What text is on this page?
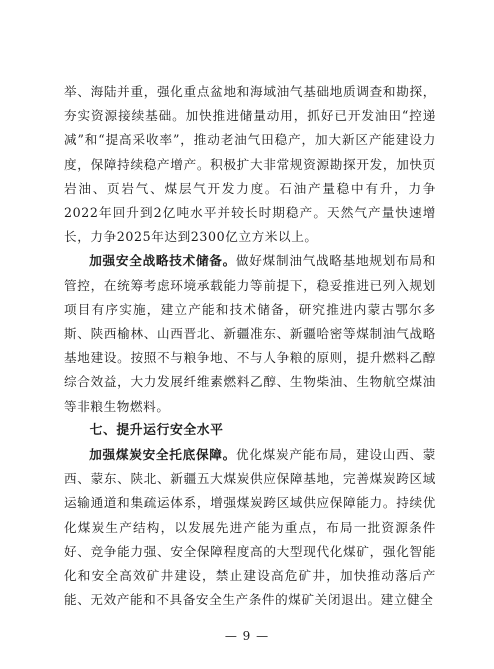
举、海陆并重，强化重点盆地和海域油气基础地质调查和勘探，夯实资源接续基础。加快推进储量动用，抓好已开发油田“控递减”和“提高采收率”，推动老油气田稳产，加大新区产能建设力度，保障持续稳产增产。积极扩大非常规资源勘探开发，加快页岩油、页岩气、煤层气开发力度。石油产量稳中有升，力争2022年回升到2亿吨水平并较长时期稳产。天然气产量快速增长，力争2025年达到2300亿立方米以上。

加强安全战略技术储备。做好煤制油气战略基地规划布局和管控，在统筹考虑环境承载能力等前提下，稳妥推进已列入规划项目有序实施，建立产能和技术储备，研究推进内蒙古鄂尔多斯、陕西榆林、山西晋北、新疆准东、新疆哈密等煤制油气战略基地建设。按照不与粮争地、不与人争粮的原则，提升燃料乙醇综合效益，大力发展纤维素燃料乙醇、生物柴油、生物航空煤油等非粮生物燃料。

七、提升运行安全水平

加强煤炭安全托底保障。优化煤炭产能布局，建设山西、蒙西、蒙东、陕北、新疆五大煤炭供应保障基地，完善煤炭跨区域运输通道和集疏运体系，增强煤炭跨区域供应保障能力。持续优化煤炭生产结构，以发展先进产能为重点，布局一批资源条件好、竞争能力强、安全保障程度高的大型现代化煤矿，强化智能化和安全高效矿井建设，禁止建设高危矿井，加快推动落后产能、无效产能和不具备安全生产条件的煤矿关闭退出。建立健全

— 9 —
